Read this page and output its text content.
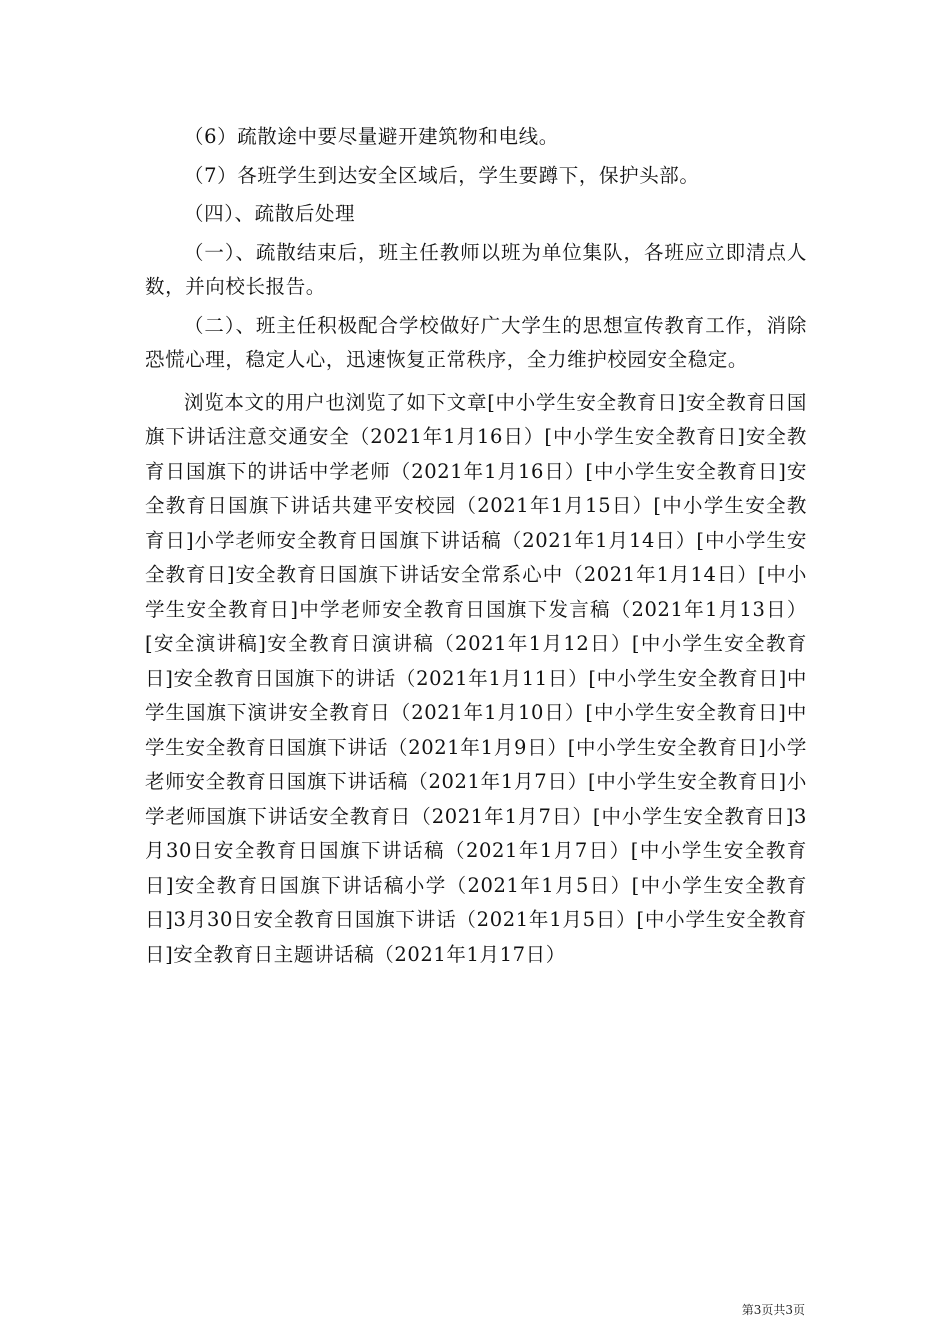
（6）疏散途中要尽量避开建筑物和电线。

（7）各班学生到达安全区域后，学生要蹲下，保护头部。

（四）、疏散后处理

（一）、疏散结束后，班主任教师以班为单位集队，各班应立即清点人数，并向校长报告。

（二）、班主任积极配合学校做好广大学生的思想宣传教育工作，消除恐慌心理，稳定人心，迅速恢复正常秩序，全力维护校园安全稳定。

浏览本文的用户也浏览了如下文章[中小学生安全教育日]安全教育日国旗下讲话注意交通安全（2021年1月16日）[中小学生安全教育日]安全教育日国旗下的讲话中学老师（2021年1月16日）[中小学生安全教育日]安全教育日国旗下讲话共建平安校园（2021年1月15日）[中小学生安全教育日]小学老师安全教育日国旗下讲话稿（2021年1月14日）[中小学生安全教育日]安全教育日国旗下讲话安全常系心中（2021年1月14日）[中小学生安全教育日]中学老师安全教育日国旗下发言稿（2021年1月13日）[安全演讲稿]安全教育日演讲稿（2021年1月12日）[中小学生安全教育日]安全教育日国旗下的讲话（2021年1月11日）[中小学生安全教育日]中学生国旗下演讲安全教育日（2021年1月10日）[中小学生安全教育日]中学生安全教育日国旗下讲话（2021年1月9日）[中小学生安全教育日]小学老师安全教育日国旗下讲话稿（2021年1月7日）[中小学生安全教育日]小学老师国旗下讲话安全教育日（2021年1月7日）[中小学生安全教育日]3月30日安全教育日国旗下讲话稿（2021年1月7日）[中小学生安全教育日]安全教育日国旗下讲话稿小学（2021年1月5日）[中小学生安全教育日]3月30日安全教育日国旗下讲话（2021年1月5日）[中小学生安全教育日]安全教育日主题讲话稿（2021年1月17日）

第3页共3页
